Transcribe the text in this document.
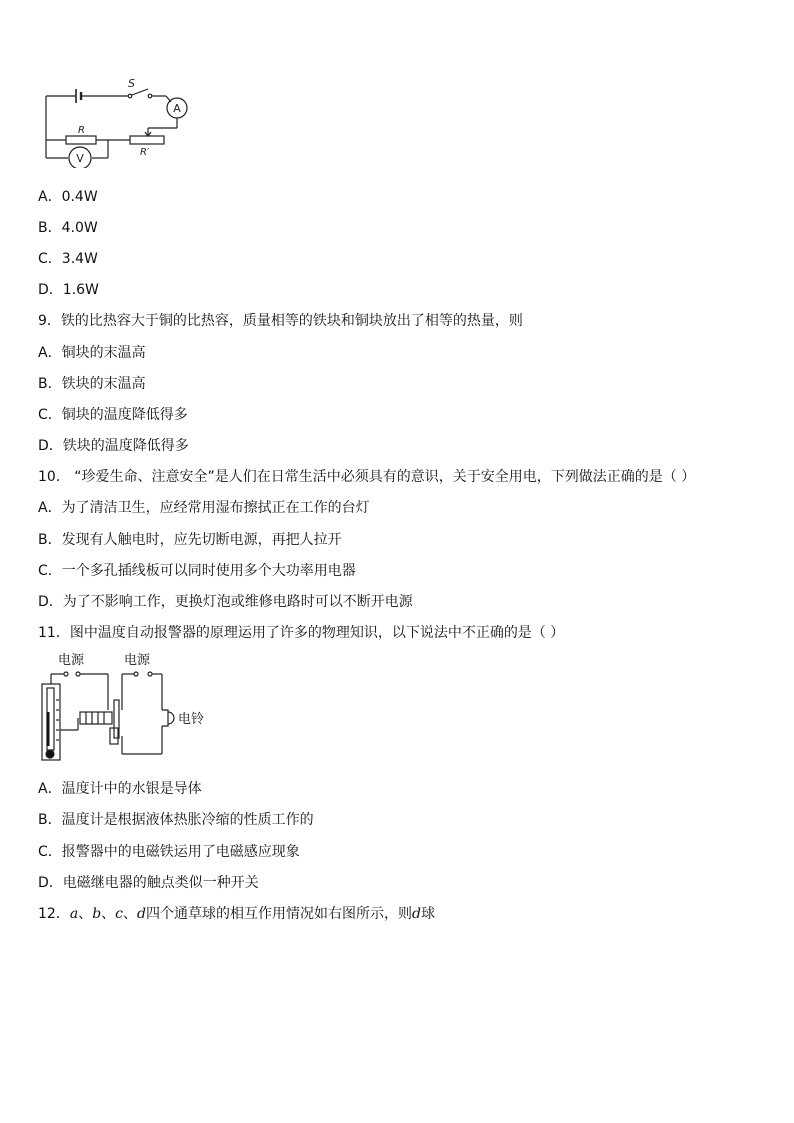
S
A
V
R
R′
A．0.4W
B．4.0W
C．3.4W
D．1.6W
9．铁的比热容大于铜的比热容，质量相等的铁块和铜块放出了相等的热量，则
A．铜块的末温高
B．铁块的末温高
C．铜块的温度降低得多
D．铁块的温度降低得多
10． “珍爱生命、注意安全”是人们在日常生活中必须具有的意识，关于安全用电，下列做法正确的是（ ）
A．为了清洁卫生，应经常用湿布擦拭正在工作的台灯
B．发现有人触电时，应先切断电源，再把人拉开
C．一个多孔插线板可以同时使用多个大功率用电器
D．为了不影响工作，更换灯泡或维修电路时可以不断开电源
11．图中温度自动报警器的原理运用了许多的物理知识，以下说法中不正确的是（ ）
电源	电源
电铃
A．温度计中的水银是导体
B．温度计是根据液体热胀冷缩的性质工作的
C．报警器中的电磁铁运用了电磁感应现象
D．电磁继电器的触点类似一种开关
12．a、b、c、d四个通草球的相互作用情况如右图所示，则d球
